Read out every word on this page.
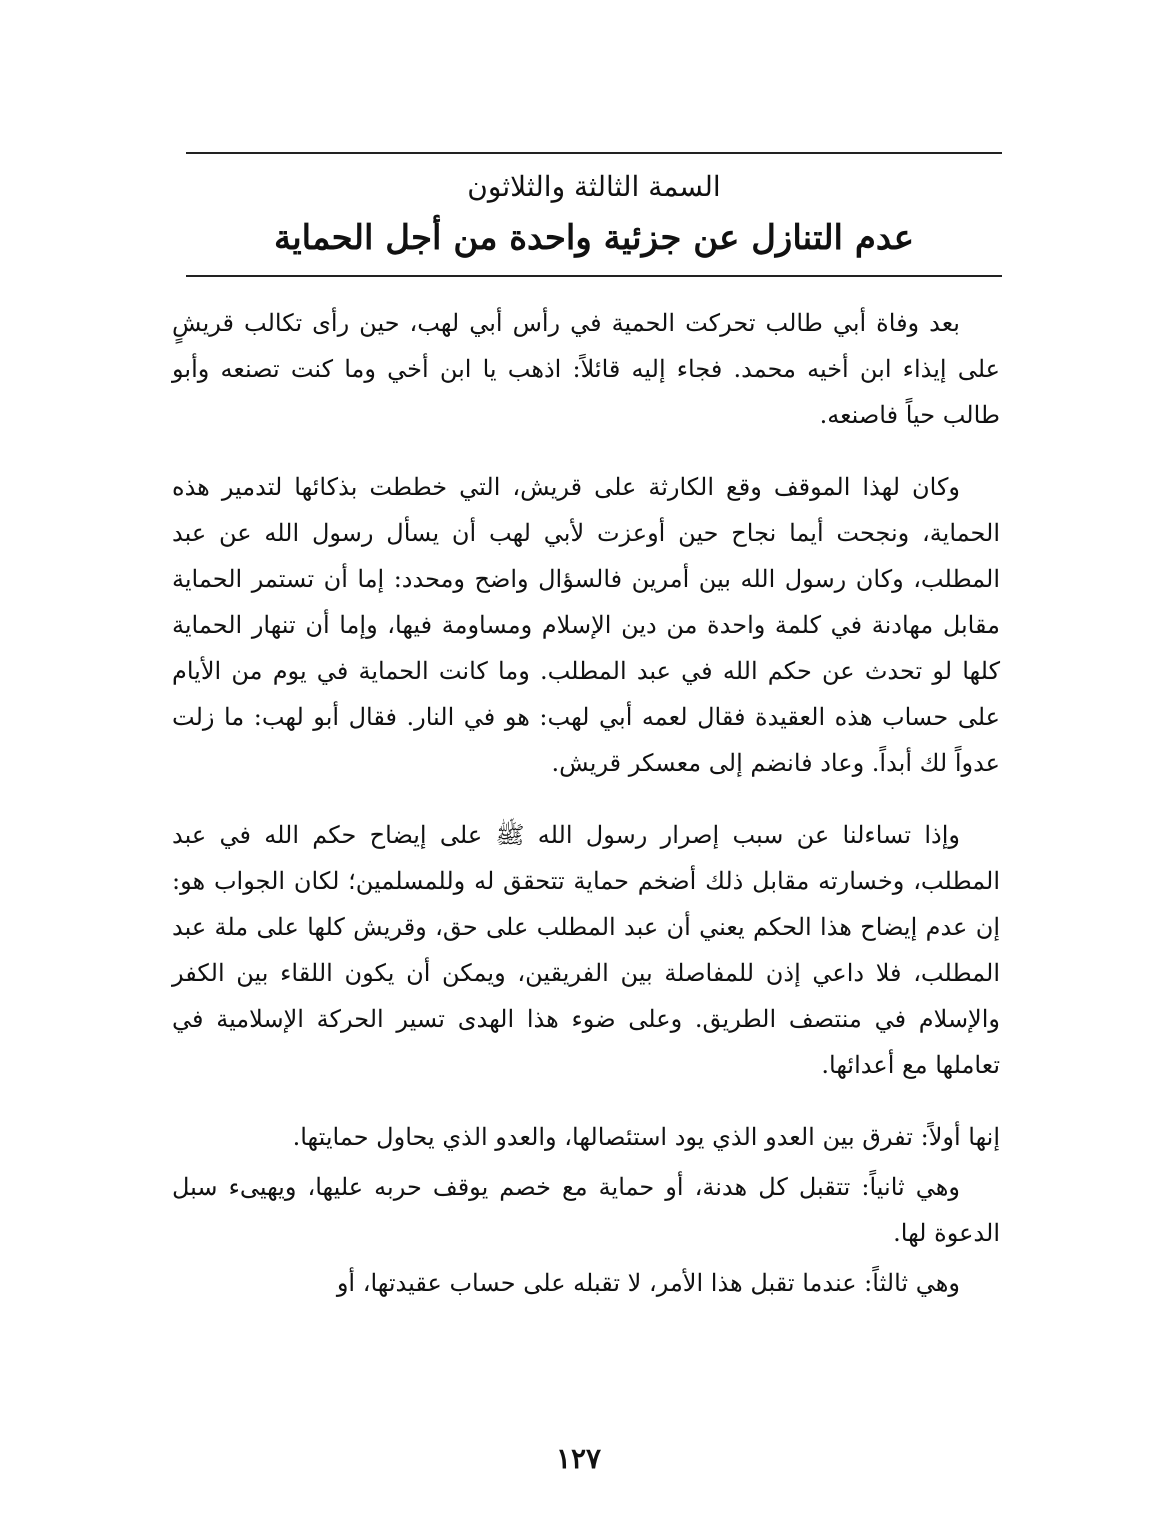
السمة الثالثة والثلاثون

عدم التنازل عن جزئية واحدة من أجل الحماية

بعد وفاة أبي طالب تحركت الحمية في رأس أبي لهب، حين رأى تكالب قريشٍ على إيذاء ابن أخيه محمد. فجاء إليه قائلاً: اذهب يا ابن أخي وما كنت تصنعه وأبو طالب حياً فاصنعه.

وكان لهذا الموقف وقع الكارثة على قريش، التي خططت بذكائها لتدمير هذه الحماية، ونجحت أيما نجاح حين أوعزت لأبي لهب أن يسأل رسول الله عن عبد المطلب، وكان رسول الله بين أمرين فالسؤال واضح ومحدد: إما أن تستمر الحماية مقابل مهادنة في كلمة واحدة من دين الإسلام ومساومة فيها، وإما أن تنهار الحماية كلها لو تحدث عن حكم الله في عبد المطلب. وما كانت الحماية في يوم من الأيام على حساب هذه العقيدة فقال لعمه أبي لهب: هو في النار. فقال أبو لهب: ما زلت عدواً لك أبداً. وعاد فانضم إلى معسكر قريش.

وإذا تساءلنا عن سبب إصرار رسول الله ﷺ على إيضاح حكم الله في عبد المطلب، وخسارته مقابل ذلك أضخم حماية تتحقق له وللمسلمين؛ لكان الجواب هو: إن عدم إيضاح هذا الحكم يعني أن عبد المطلب على حق، وقريش كلها على ملة عبد المطلب، فلا داعي إذن للمفاصلة بين الفريقين، ويمكن أن يكون اللقاء بين الكفر والإسلام في منتصف الطريق. وعلى ضوء هذا الهدى تسير الحركة الإسلامية في تعاملها مع أعدائها.

إنها أولاً: تفرق بين العدو الذي يود استئصالها، والعدو الذي يحاول حمايتها.

وهي ثانياً: تتقبل كل هدنة، أو حماية مع خصم يوقف حربه عليها، ويهيىء سبل الدعوة لها.

وهي ثالثاً: عندما تقبل هذا الأمر، لا تقبله على حساب عقيدتها، أو

١٢٧
